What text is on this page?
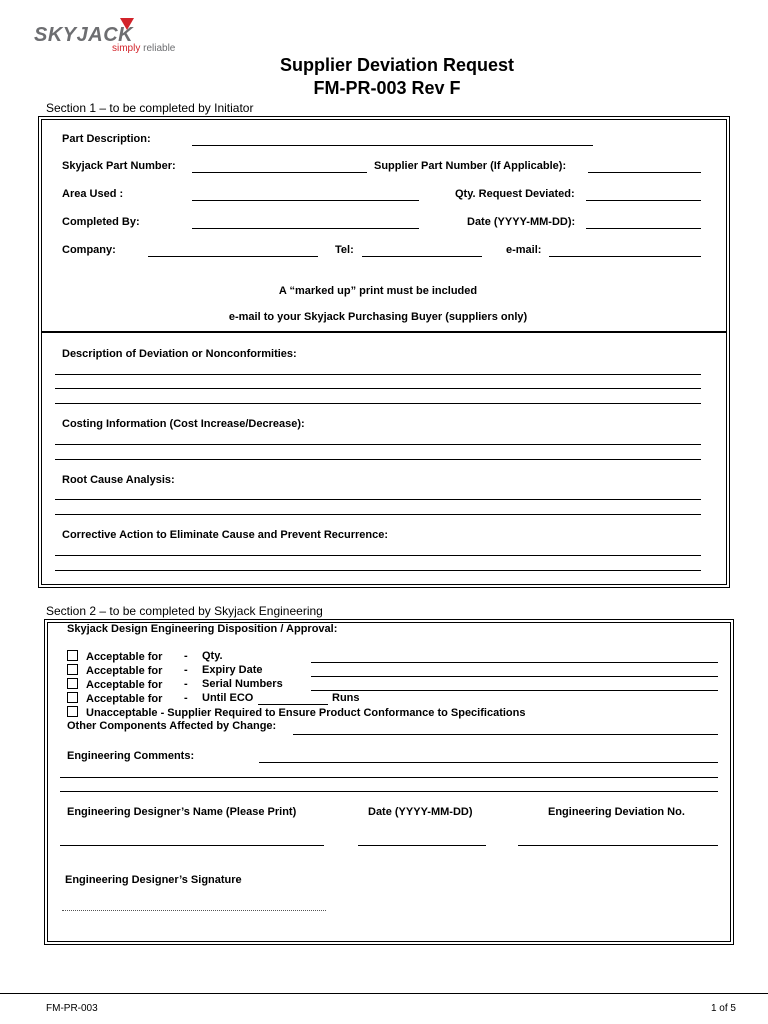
SKYJACK
simply reliable
Supplier Deviation Request
FM-PR-003 Rev F
Section 1 – to be completed by Initiator
Part Description:
Skyjack Part Number:	Supplier Part Number (If Applicable):
Area Used :	Qty. Request Deviated:
Completed By:	Date (YYYY-MM-DD):
Company:	Tel:	e-mail:
A “marked up” print must be included
e-mail to your Skyjack Purchasing Buyer (suppliers only)
Description of Deviation or Nonconformities:
Costing Information (Cost Increase/Decrease):
Root Cause Analysis:
Corrective Action to Eliminate Cause and Prevent Recurrence:
Section 2 – to be completed by Skyjack Engineering
Skyjack Design Engineering Disposition / Approval:
Acceptable for - Qty.
Acceptable for - Expiry Date
Acceptable for - Serial Numbers
Acceptable for - Until ECO	Runs
Unacceptable - Supplier Required to Ensure Product Conformance to Specifications
Other Components Affected by Change:
Engineering Comments:
Engineering Designer’s Name (Please Print)	Date (YYYY-MM-DD)	Engineering Deviation No.
Engineering Designer’s Signature
FM-PR-003	1 of 5
